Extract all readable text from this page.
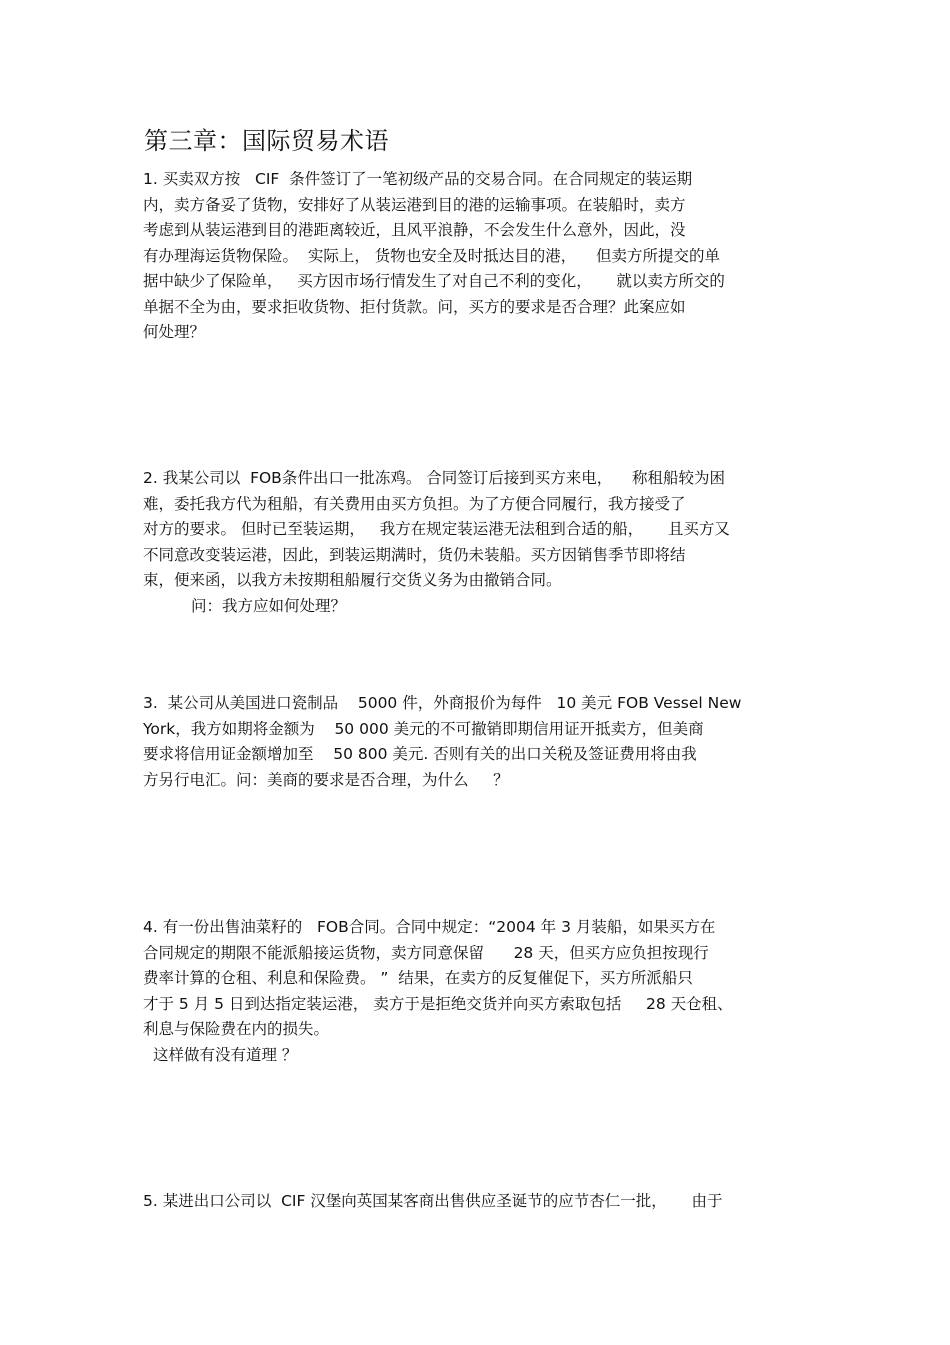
第三章：国际贸易术语
1. 买卖双方按   CIF  条件签订了一笔初级产品的交易合同。在合同规定的装运期
内，卖方备妥了货物，安排好了从装运港到目的港的运输事项。在装船时，卖方
考虑到从装运港到目的港距离较近，且风平浪静，不会发生什么意外，因此，没
有办理海运货物保险。  实际上， 货物也安全及时抵达目的港，    但卖方所提交的单
据中缺少了保险单，   买方因市场行情发生了对自己不利的变化，     就以卖方所交的
单据不全为由，要求拒收货物、拒付货款。问，买方的要求是否合理？此案应如
何处理？
2. 我某公司以  FOB条件出口一批冻鸡。 合同签订后接到买方来电，    称租船较为困
难，委托我方代为租船，有关费用由买方负担。为了方便合同履行，我方接受了
对方的要求。 但时已至装运期，   我方在规定装运港无法租到合适的船，     且买方又
不同意改变装运港，因此，到装运期满时，货仍未装船。买方因销售季节即将结
束，便来函，以我方未按期租船履行交货义务为由撤销合同。
问：我方应如何处理？
3.  某公司从美国进口瓷制品    5000 件，外商报价为每件   10 美元 FOB Vessel New
York，我方如期将金额为    50 000 美元的不可撤销即期信用证开抵卖方，但美商
要求将信用证金额增加至    50 800 美元. 否则有关的出口关税及签证费用将由我
方另行电汇。问：美商的要求是否合理，为什么     ？
4. 有一份出售油菜籽的   FOB合同。合同中规定：“2004 年 3 月装船，如果买方在
合同规定的期限不能派船接运货物，卖方同意保留      28 天，但买方应负担按现行
费率计算的仓租、利息和保险费。 ”  结果，在卖方的反复催促下，买方所派船只
才于 5 月 5 日到达指定装运港， 卖方于是拒绝交货并向买方索取包括     28 天仓租、
利息与保险费在内的损失。
这样做有没有道理 ？
5. 某进出口公司以  CIF 汉堡向英国某客商出售供应圣诞节的应节杏仁一批，     由于
